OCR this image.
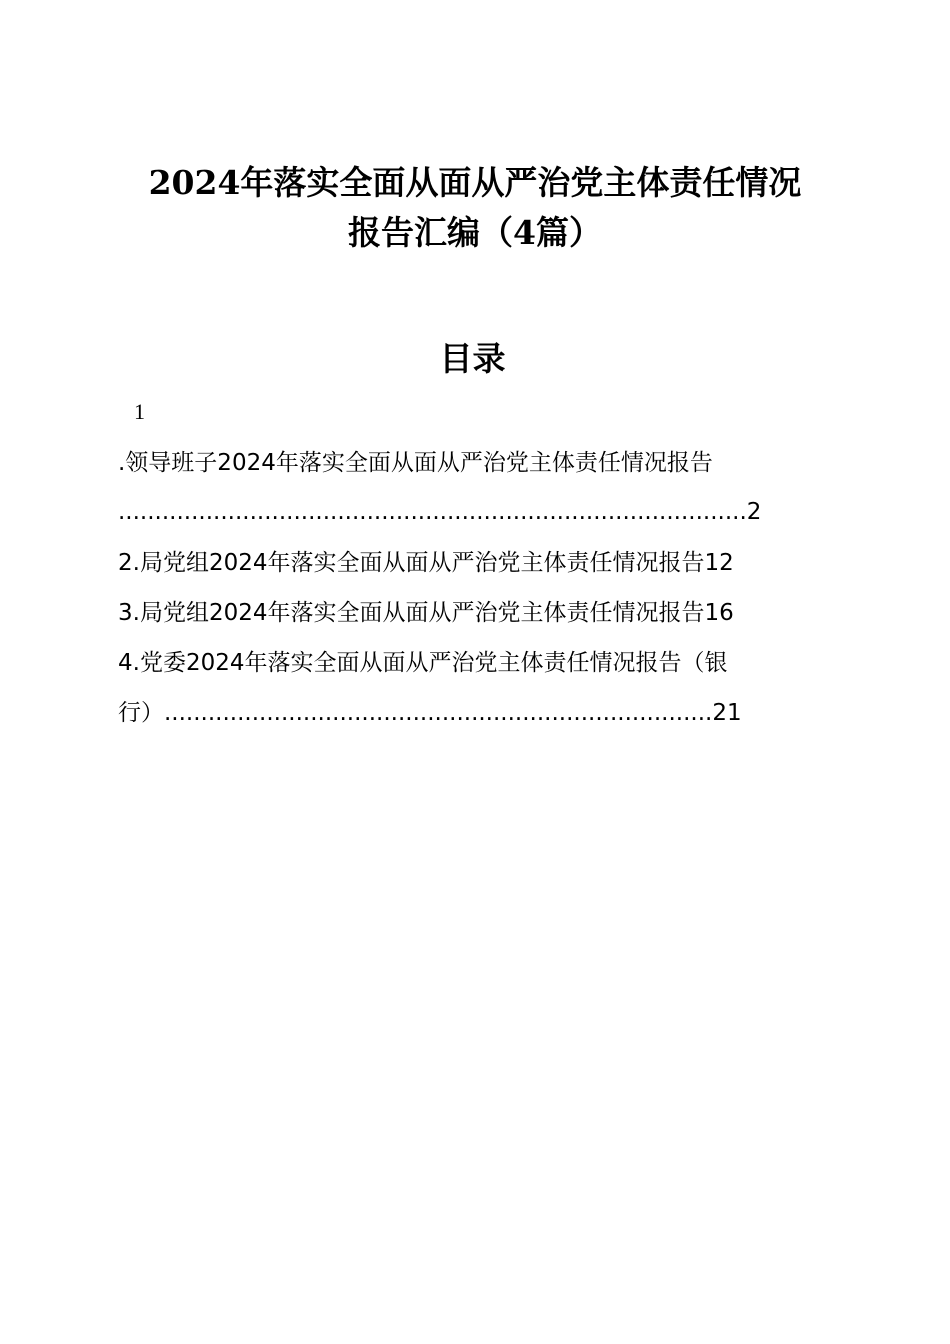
2024年落实全面从面从严治党主体责任情况
报告汇编（4篇）
目录
1
.领导班子2024年落实全面从面从严治党主体责任情况报告
......................................................................................2
2.局党组2024年落实全面从面从严治党主体责任情况报告12
3.局党组2024年落实全面从面从严治党主体责任情况报告16
4.党委2024年落实全面从面从严治党主体责任情况报告（银
行）...........................................................................21
